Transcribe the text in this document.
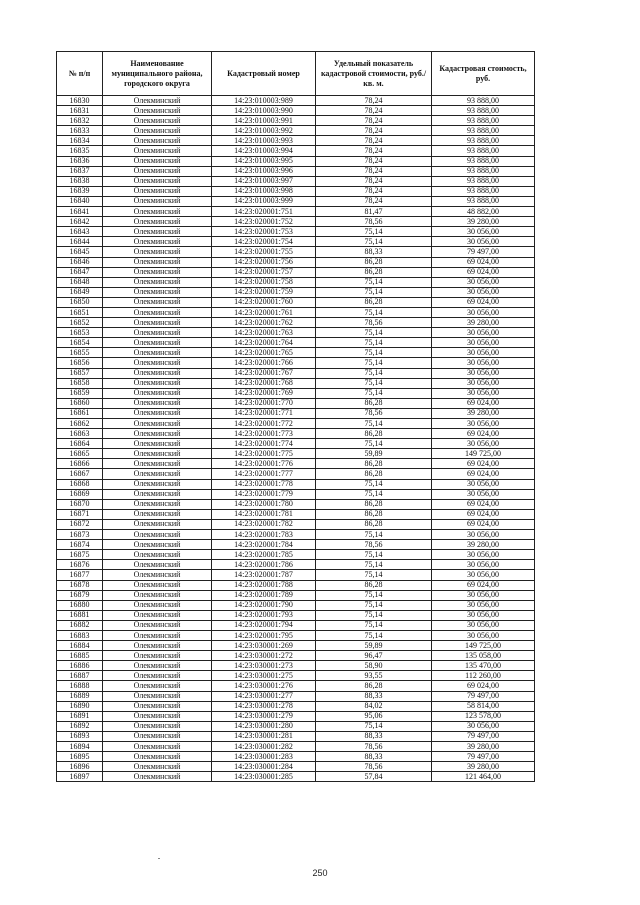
№ п/п	Наименование муниципального района, городского округа	Кадастровый номер	Удельный показатель кадастровой стоимости, руб./кв. м.	Кадастровая стоимость, руб.
16830	Олекминский	14:23:010003:989	78,24	93 888,00
16831	Олекминский	14:23:010003:990	78,24	93 888,00
16832	Олекминский	14:23:010003:991	78,24	93 888,00
16833	Олекминский	14:23:010003:992	78,24	93 888,00
16834	Олекминский	14:23:010003:993	78,24	93 888,00
16835	Олекминский	14:23:010003:994	78,24	93 888,00
16836	Олекминский	14:23:010003:995	78,24	93 888,00
16837	Олекминский	14:23:010003:996	78,24	93 888,00
16838	Олекминский	14:23:010003:997	78,24	93 888,00
16839	Олекминский	14:23:010003:998	78,24	93 888,00
16840	Олекминский	14:23:010003:999	78,24	93 888,00
16841	Олекминский	14:23:020001:751	81,47	48 882,00
16842	Олекминский	14:23:020001:752	78,56	39 280,00
16843	Олекминский	14:23:020001:753	75,14	30 056,00
16844	Олекминский	14:23:020001:754	75,14	30 056,00
16845	Олекминский	14:23:020001:755	88,33	79 497,00
16846	Олекминский	14:23:020001:756	86,28	69 024,00
16847	Олекминский	14:23:020001:757	86,28	69 024,00
16848	Олекминский	14:23:020001:758	75,14	30 056,00
16849	Олекминский	14:23:020001:759	75,14	30 056,00
16850	Олекминский	14:23:020001:760	86,28	69 024,00
16851	Олекминский	14:23:020001:761	75,14	30 056,00
16852	Олекминский	14:23:020001:762	78,56	39 280,00
16853	Олекминский	14:23:020001:763	75,14	30 056,00
16854	Олекминский	14:23:020001:764	75,14	30 056,00
16855	Олекминский	14:23:020001:765	75,14	30 056,00
16856	Олекминский	14:23:020001:766	75,14	30 056,00
16857	Олекминский	14:23:020001:767	75,14	30 056,00
16858	Олекминский	14:23:020001:768	75,14	30 056,00
16859	Олекминский	14:23:020001:769	75,14	30 056,00
16860	Олекминский	14:23:020001:770	86,28	69 024,00
16861	Олекминский	14:23:020001:771	78,56	39 280,00
16862	Олекминский	14:23:020001:772	75,14	30 056,00
16863	Олекминский	14:23:020001:773	86,28	69 024,00
16864	Олекминский	14:23:020001:774	75,14	30 056,00
16865	Олекминский	14:23:020001:775	59,89	149 725,00
16866	Олекминский	14:23:020001:776	86,28	69 024,00
16867	Олекминский	14:23:020001:777	86,28	69 024,00
16868	Олекминский	14:23:020001:778	75,14	30 056,00
16869	Олекминский	14:23:020001:779	75,14	30 056,00
16870	Олекминский	14:23:020001:780	86,28	69 024,00
16871	Олекминский	14:23:020001:781	86,28	69 024,00
16872	Олекминский	14:23:020001:782	86,28	69 024,00
16873	Олекминский	14:23:020001:783	75,14	30 056,00
16874	Олекминский	14:23:020001:784	78,56	39 280,00
16875	Олекминский	14:23:020001:785	75,14	30 056,00
16876	Олекминский	14:23:020001:786	75,14	30 056,00
16877	Олекминский	14:23:020001:787	75,14	30 056,00
16878	Олекминский	14:23:020001:788	86,28	69 024,00
16879	Олекминский	14:23:020001:789	75,14	30 056,00
16880	Олекминский	14:23:020001:790	75,14	30 056,00
16881	Олекминский	14:23:020001:793	75,14	30 056,00
16882	Олекминский	14:23:020001:794	75,14	30 056,00
16883	Олекминский	14:23:020001:795	75,14	30 056,00
16884	Олекминский	14:23:030001:269	59,89	149 725,00
16885	Олекминский	14:23:030001:272	96,47	135 058,00
16886	Олекминский	14:23:030001:273	58,90	135 470,00
16887	Олекминский	14:23:030001:275	93,55	112 260,00
16888	Олекминский	14:23:030001:276	86,28	69 024,00
16889	Олекминский	14:23:030001:277	88,33	79 497,00
16890	Олекминский	14:23:030001:278	84,02	58 814,00
16891	Олекминский	14:23:030001:279	95,06	123 578,00
16892	Олекминский	14:23:030001:280	75,14	30 056,00
16893	Олекминский	14:23:030001:281	88,33	79 497,00
16894	Олекминский	14:23:030001:282	78,56	39 280,00
16895	Олекминский	14:23:030001:283	88,33	79 497,00
16896	Олекминский	14:23:030001:284	78,56	39 280,00
16897	Олекминский	14:23:030001:285	57,84	121 464,00
250
